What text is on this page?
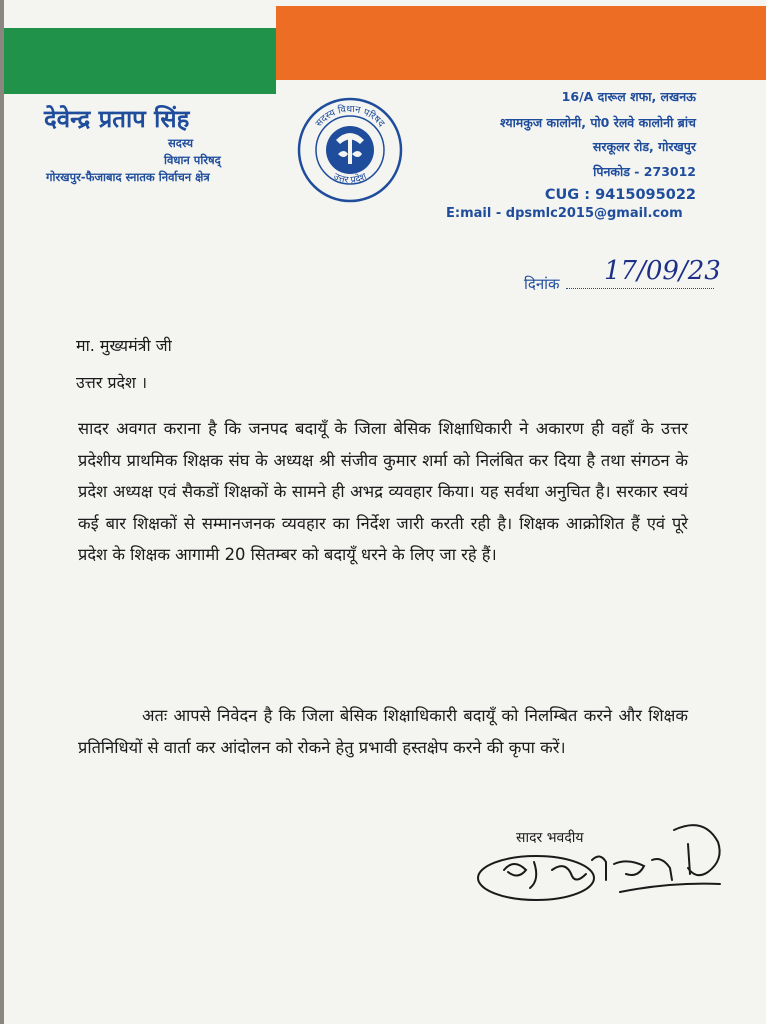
देवेन्द्र प्रताप सिंह
सदस्य
विधान परिषद्
गोरखपुर-फैजाबाद स्नातक निर्वाचन क्षेत्र
सदस्य विधान परिषद
उत्तर प्रदेश
16/A दारूल शफा, लखनऊ
श्यामकुज कालोनी, पो0 रेलवे कालोनी ब्रांच
सरकूलर रोड, गोरखपुर
पिनकोड - 273012
CUG : 9415095022
E:mail - dpsmlc2015@gmail.com
दिनांक 17/09/23
मा. मुख्यमंत्री जी
उत्तर प्रदेश ।
सादर अवगत कराना है कि जनपद बदायूँ के जिला बेसिक शिक्षाधिकारी ने अकारण ही वहाँ के उत्तर प्रदेशीय प्राथमिक शिक्षक संघ के अध्यक्ष श्री संजीव कुमार शर्मा को निलंबित कर दिया है तथा संगठन के प्रदेश अध्यक्ष एवं सैकडों शिक्षकों के सामने ही अभद्र व्यवहार किया। यह सर्वथा अनुचित है। सरकार स्वयं कई बार शिक्षकों से सम्मानजनक व्यवहार का निर्देश जारी करती रही है। शिक्षक आक्रोशित हैं एवं पूरे प्रदेश के शिक्षक आगामी 20 सितम्बर को बदायूँ धरने के लिए जा रहे हैं।
अतः आपसे निवेदन है कि जिला बेसिक शिक्षाधिकारी बदायूँ को निलम्बित करने और शिक्षक प्रतिनिधियों से वार्ता कर आंदोलन को रोकने हेतु प्रभावी हस्तक्षेप करने की कृपा करें।
सादर भवदीय
